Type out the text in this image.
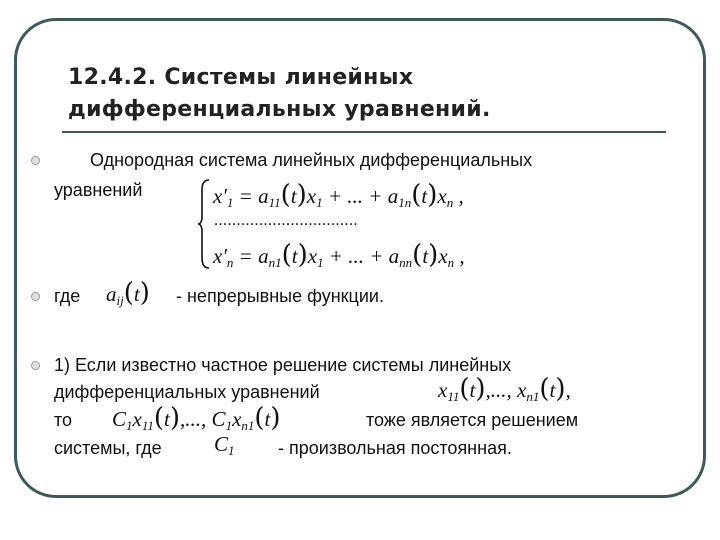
12.4.2. Системы линейных
дифференциальных уравнений.
Однородная система линейных дифференциальных
уравнений	$x'_1 = a_{11}(t)x_1$ + ... + $a_{1n}(t)x_n$ ,
................................
$x'_n = a_{n1}(t)x_1$ + ... + $a_{nn}(t)x_n$ ,
где $a_{ij}(t)$ - непрерывные функции.
1) Если известно частное решение системы линейных
дифференциальных уравнений	$x_{11}(t)$,..., $x_{n1}(t)$,
то $C_1x_{11}(t)$,..., $C_1x_{n1}(t)$	тоже является решением
системы, где $C_1$ - произвольная постоянная.
